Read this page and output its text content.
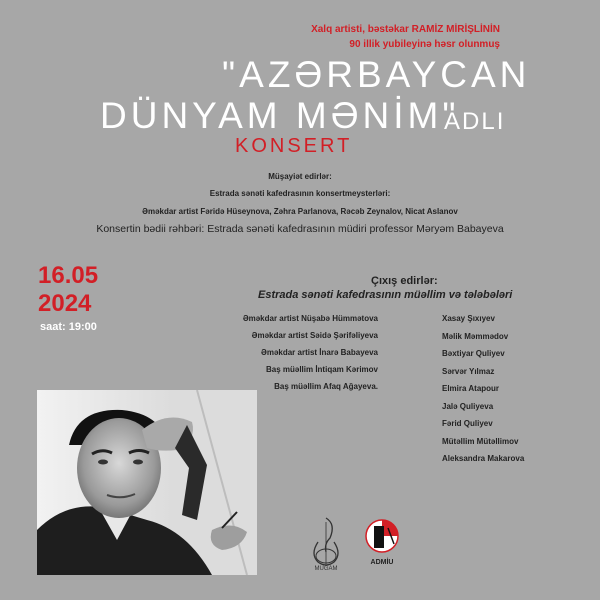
Xalq artisti, bəstəkar RAMİZ MİRİŞLİNİN
90 illik yubileyinə həsr olunmuş
"AZƏRBAYCAN
DÜNYAM MƏNİM"
ADLI
KONSERT
Müşayiət edirlər:
Estrada sənəti kafedrasının konsertmeysterləri:
Əməkdar artist Fəridə Hüseynova, Zəhra Parlanova, Rəcəb Zeynalov, Nicat Aslanov
Konsertin bədii rəhbəri: Estrada sənəti kafedrasının müdiri professor Məryəm Babayeva
16.05
2024
saat: 19:00
Çıxış edirlər:
Estrada sənəti kafedrasının müəllim və tələbələri
Əməkdar artist Nüşabə Hümmətova
Əməkdar artist Səidə Şərifəliyeva
Əməkdar artist İnarə Babayeva
Baş müəllim İntiqam Kərimov
Baş müəllim Afaq Ağayeva.
Xasay Şıxıyev
Məlik Məmmədov
Bəxtiyar Quliyev
Sərvər Yılmaz
Elmira Atapour
Jalə Quliyeva
Fərid Quliyev
Mütəllim Mütəllimov
Aleksandra Makarova
MUĞAM
ADMİU
